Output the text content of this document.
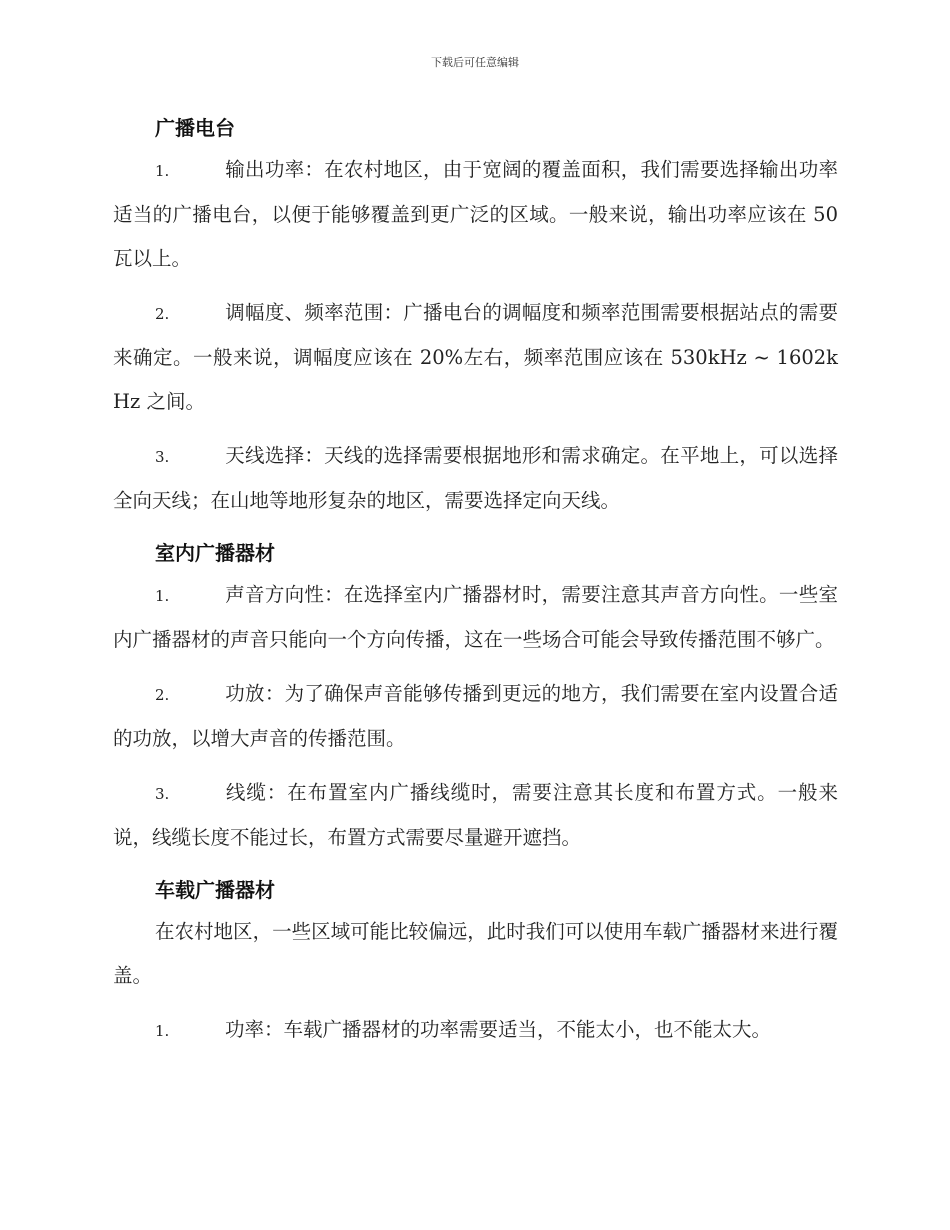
下载后可任意编辑
广播电台

1.	输出功率：在农村地区，由于宽阔的覆盖面积，我们需要选择输出功率适当的广播电台，以便于能够覆盖到更广泛的区域。一般来说，输出功率应该在 50 瓦以上。

2.	调幅度、频率范围：广播电台的调幅度和频率范围需要根据站点的需要来确定。一般来说，调幅度应该在 20%左右，频率范围应该在 530kHz ~ 1602kHz 之间。

3.	天线选择：天线的选择需要根据地形和需求确定。在平地上，可以选择全向天线；在山地等地形复杂的地区，需要选择定向天线。

室内广播器材

1.	声音方向性：在选择室内广播器材时，需要注意其声音方向性。一些室内广播器材的声音只能向一个方向传播，这在一些场合可能会导致传播范围不够广。

2.	功放：为了确保声音能够传播到更远的地方，我们需要在室内设置合适的功放，以增大声音的传播范围。

3.	线缆：在布置室内广播线缆时，需要注意其长度和布置方式。一般来说，线缆长度不能过长，布置方式需要尽量避开遮挡。

车载广播器材

在农村地区，一些区域可能比较偏远，此时我们可以使用车载广播器材来进行覆盖。

1.	功率：车载广播器材的功率需要适当，不能太小，也不能太大。
